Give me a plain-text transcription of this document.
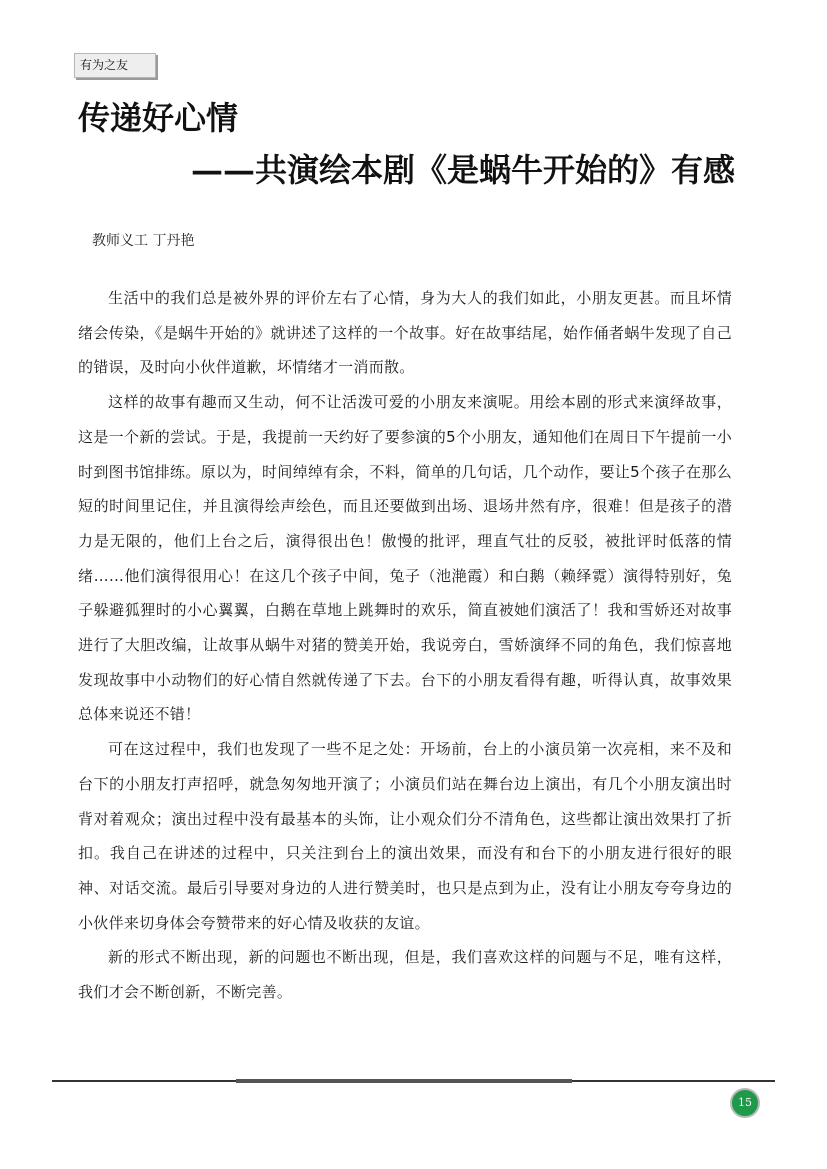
有为之友
传递好心情
——共演绘本剧《是蜗牛开始的》有感
教师义工 丁丹艳

生活中的我们总是被外界的评价左右了心情，身为大人的我们如此，小朋友更甚。而且坏情绪会传染，《是蜗牛开始的》就讲述了这样的一个故事。好在故事结尾，始作俑者蜗牛发现了自己的错误，及时向小伙伴道歉，坏情绪才一消而散。

这样的故事有趣而又生动，何不让活泼可爱的小朋友来演呢。用绘本剧的形式来演绎故事，这是一个新的尝试。于是，我提前一天约好了要参演的5个小朋友，通知他们在周日下午提前一小时到图书馆排练。原以为，时间绰绰有余，不料，简单的几句话，几个动作，要让5个孩子在那么短的时间里记住，并且演得绘声绘色，而且还要做到出场、退场井然有序，很难！但是孩子的潜力是无限的，他们上台之后，演得很出色！傲慢的批评，理直气壮的反驳，被批评时低落的情绪……他们演得很用心！在这几个孩子中间，兔子（池滟霞）和白鹅（赖绎霓）演得特别好，兔子躲避狐狸时的小心翼翼，白鹅在草地上跳舞时的欢乐，简直被她们演活了！我和雪娇还对故事进行了大胆改编，让故事从蜗牛对猪的赞美开始，我说旁白，雪娇演绎不同的角色，我们惊喜地发现故事中小动物们的好心情自然就传递了下去。台下的小朋友看得有趣，听得认真，故事效果总体来说还不错！

可在这过程中，我们也发现了一些不足之处：开场前，台上的小演员第一次亮相，来不及和台下的小朋友打声招呼，就急匆匆地开演了；小演员们站在舞台边上演出，有几个小朋友演出时背对着观众；演出过程中没有最基本的头饰，让小观众们分不清角色，这些都让演出效果打了折扣。我自己在讲述的过程中，只关注到台上的演出效果，而没有和台下的小朋友进行很好的眼神、对话交流。最后引导要对身边的人进行赞美时，也只是点到为止，没有让小朋友夸夸身边的小伙伴来切身体会夸赞带来的好心情及收获的友谊。

新的形式不断出现，新的问题也不断出现，但是，我们喜欢这样的问题与不足，唯有这样，我们才会不断创新，不断完善。

15
